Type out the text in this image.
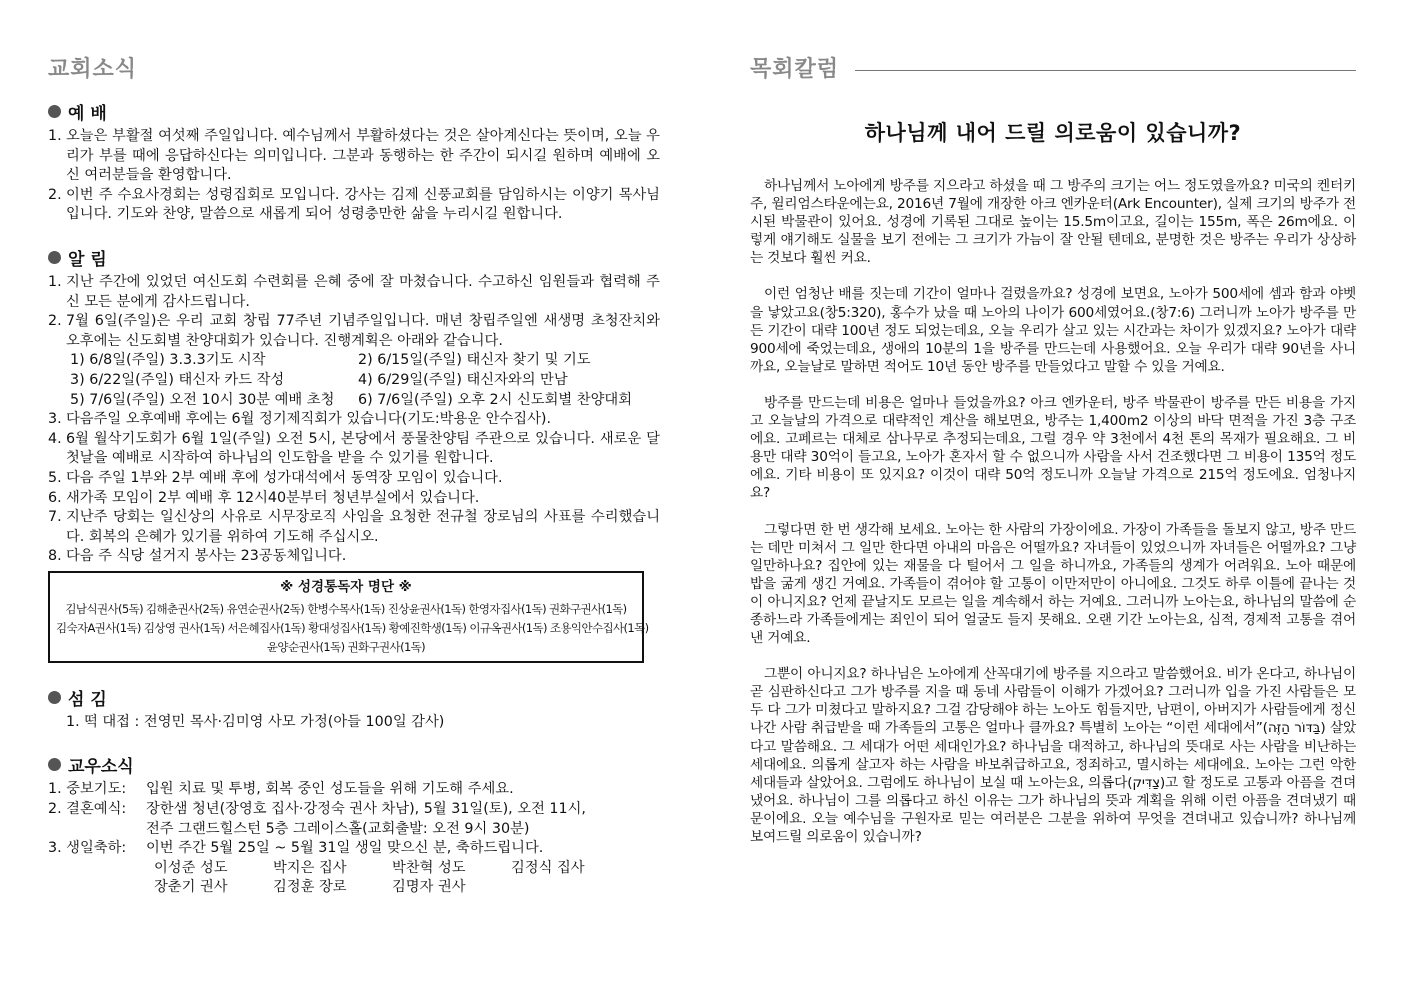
교회소식
예 배
1. 오늘은 부활절 여섯째 주일입니다. 예수님께서 부활하셨다는 것은 살아계신다는 뜻이며, 오늘 우리가 부를 때에 응답하신다는 의미입니다. 그분과 동행하는 한 주간이 되시길 원하며 예배에 오신 여러분들을 환영합니다.
2. 이번 주 수요사경회는 성령집회로 모입니다. 강사는 김제 신풍교회를 담임하시는 이양기 목사님입니다. 기도와 찬양, 말씀으로 새롭게 되어 성령충만한 삶을 누리시길 원합니다.
알 림
1. 지난 주간에 있었던 여신도회 수련회를 은혜 중에 잘 마쳤습니다. 수고하신 임원들과 협력해 주신 모든 분에게 감사드립니다.
2. 7월 6일(주일)은 우리 교회 창립 77주년 기념주일입니다. 매년 창립주일엔 새생명 초청잔치와 오후에는 신도회별 찬양대회가 있습니다. 진행계획은 아래와 같습니다.
1) 6/8일(주일) 3.3.3기도 시작	2) 6/15일(주일) 태신자 찾기 및 기도
3) 6/22일(주일) 태신자 카드 작성	4) 6/29일(주일) 태신자와의 만남
5) 7/6일(주일) 오전 10시 30분 예배 초청	6) 7/6일(주일) 오후 2시 신도회별 찬양대회
3. 다음주일 오후예배 후에는 6월 정기제직회가 있습니다(기도:박용운 안수집사).
4. 6월 월삭기도회가 6월 1일(주일) 오전 5시, 본당에서 풍물찬양팀 주관으로 있습니다. 새로운 달 첫날을 예배로 시작하여 하나님의 인도함을 받을 수 있기를 원합니다.
5. 다음 주일 1부와 2부 예배 후에 성가대석에서 동역장 모임이 있습니다.
6. 새가족 모임이 2부 예배 후 12시40분부터 청년부실에서 있습니다.
7. 지난주 당회는 일신상의 사유로 시무장로직 사임을 요청한 전규철 장로님의 사표를 수리했습니다. 회복의 은혜가 있기를 위하여 기도해 주십시오.
8. 다음 주 식당 설거지 봉사는 23공동체입니다.
※ 성경통독자 명단 ※
김남식권사(5독) 김해춘권사(2독) 유연순권사(2독) 한병수목사(1독) 진상윤권사(1독) 한영자집사(1독) 권화구권사(1독)
김숙자A권사(1독) 김상영 권사(1독) 서은혜집사(1독) 황대성집사(1독) 황예진학생(1독) 이규옥권사(1독) 조용익안수집사(1독)
윤양순권사(1독) 권화구권사(1독)
섬 김
1. 떡 대접 : 전영민 목사·김미영 사모 가정(아들 100일 감사)
교우소식
1. 중보기도:	입원 치료 및 투병, 회복 중인 성도들을 위해 기도해 주세요.
2. 결혼예식:	장한샘 청년(장영호 집사·강정숙 권사 차남), 5월 31일(토), 오전 11시,
전주 그랜드힐스턴 5층 그레이스홀(교회출발: 오전 9시 30분)
3. 생일축하:	이번 주간 5월 25일 ~ 5월 31일 생일 맞으신 분, 축하드립니다.
이성준 성도	박지은 집사	박찬혁 성도	김정식 집사
장춘기 권사	김정훈 장로	김명자 권사
목회칼럼
하나님께 내어 드릴 의로움이 있습니까?

하나님께서 노아에게 방주를 지으라고 하셨을 때 그 방주의 크기는 어느 정도였을까요? 미국의 켄터키 주, 윌리엄스타운에는요, 2016년 7월에 개장한 아크 엔카운터(Ark Encounter), 실제 크기의 방주가 전시된 박물관이 있어요. 성경에 기록된 그대로 높이는 15.5m이고요, 길이는 155m, 폭은 26m에요. 이렇게 얘기해도 실물을 보기 전에는 그 크기가 가늠이 잘 안될 텐데요, 분명한 것은 방주는 우리가 상상하는 것보다 훨씬 커요.

이런 엄청난 배를 짓는데 기간이 얼마나 걸렸을까요? 성경에 보면요, 노아가 500세에 셈과 함과 야벳을 낳았고요(창5:320), 홍수가 났을 때 노아의 나이가 600세였어요.(창7:6) 그러니까 노아가 방주를 만든 기간이 대략 100년 정도 되었는데요, 오늘 우리가 살고 있는 시간과는 차이가 있겠지요? 노아가 대략 900세에 죽었는데요, 생애의 10분의 1을 방주를 만드는데 사용했어요. 오늘 우리가 대략 90년을 사니까요, 오늘날로 말하면 적어도 10년 동안 방주를 만들었다고 말할 수 있을 거예요.

방주를 만드는데 비용은 얼마나 들었을까요? 아크 엔카운터, 방주 박물관이 방주를 만든 비용을 가지고 오늘날의 가격으로 대략적인 계산을 해보면요, 방주는 1,400m2 이상의 바닥 면적을 가진 3층 구조에요. 고페르는 대체로 삼나무로 추정되는데요, 그럴 경우 약 3천에서 4천 톤의 목재가 필요해요. 그 비용만 대략 30억이 들고요, 노아가 혼자서 할 수 없으니까 사람을 사서 건조했다면 그 비용이 135억 정도에요. 기타 비용이 또 있지요? 이것이 대략 50억 정도니까 오늘날 가격으로 215억 정도에요. 엄청나지요?

그렇다면 한 번 생각해 보세요. 노아는 한 사람의 가장이에요. 가장이 가족들을 돌보지 않고, 방주 만드는 데만 미쳐서 그 일만 한다면 아내의 마음은 어떨까요? 자녀들이 있었으니까 자녀들은 어떨까요? 그냥 일만하나요? 집안에 있는 재물을 다 털어서 그 일을 하니까요, 가족들의 생계가 어려워요. 노아 때문에 밥을 굶게 생긴 거예요. 가족들이 겪어야 할 고통이 이만저만이 아니에요. 그것도 하루 이틀에 끝나는 것이 아니지요? 언제 끝날지도 모르는 일을 계속해서 하는 거예요. 그러니까 노아는요, 하나님의 말씀에 순종하느라 가족들에게는 죄인이 되어 얼굴도 들지 못해요. 오랜 기간 노아는요, 심적, 경제적 고통을 겪어 낸 거예요.

그뿐이 아니지요? 하나님은 노아에게 산꼭대기에 방주를 지으라고 말씀했어요. 비가 온다고, 하나님이 곧 심판하신다고 그가 방주를 지을 때 동네 사람들이 이해가 가겠어요? 그러니까 입을 가진 사람들은 모두 다 그가 미쳤다고 말하지요? 그걸 감당해야 하는 노아도 힘들지만, 남편이, 아버지가 사람들에게 정신 나간 사람 취급받을 때 가족들의 고통은 얼마나 클까요? 특별히 노아는 “이런 세대에서”(בַּדּוֹר הַזֶּה) 살았다고 말씀해요. 그 세대가 어떤 세대인가요? 하나님을 대적하고, 하나님의 뜻대로 사는 사람을 비난하는 세대에요. 의롭게 살고자 하는 사람을 바보취급하고요, 정죄하고, 멸시하는 세대에요. 노아는 그런 악한 세대들과 살았어요. 그럼에도 하나님이 보실 때 노아는요, 의롭다(צַדִּיק)고 할 정도로 고통과 아픔을 견뎌냈어요. 하나님이 그를 의롭다고 하신 이유는 그가 하나님의 뜻과 계획을 위해 이런 아픔을 견뎌냈기 때문이에요. 오늘 예수님을 구원자로 믿는 여러분은 그분을 위하여 무엇을 견뎌내고 있습니까? 하나님께 보여드릴 의로움이 있습니까?
